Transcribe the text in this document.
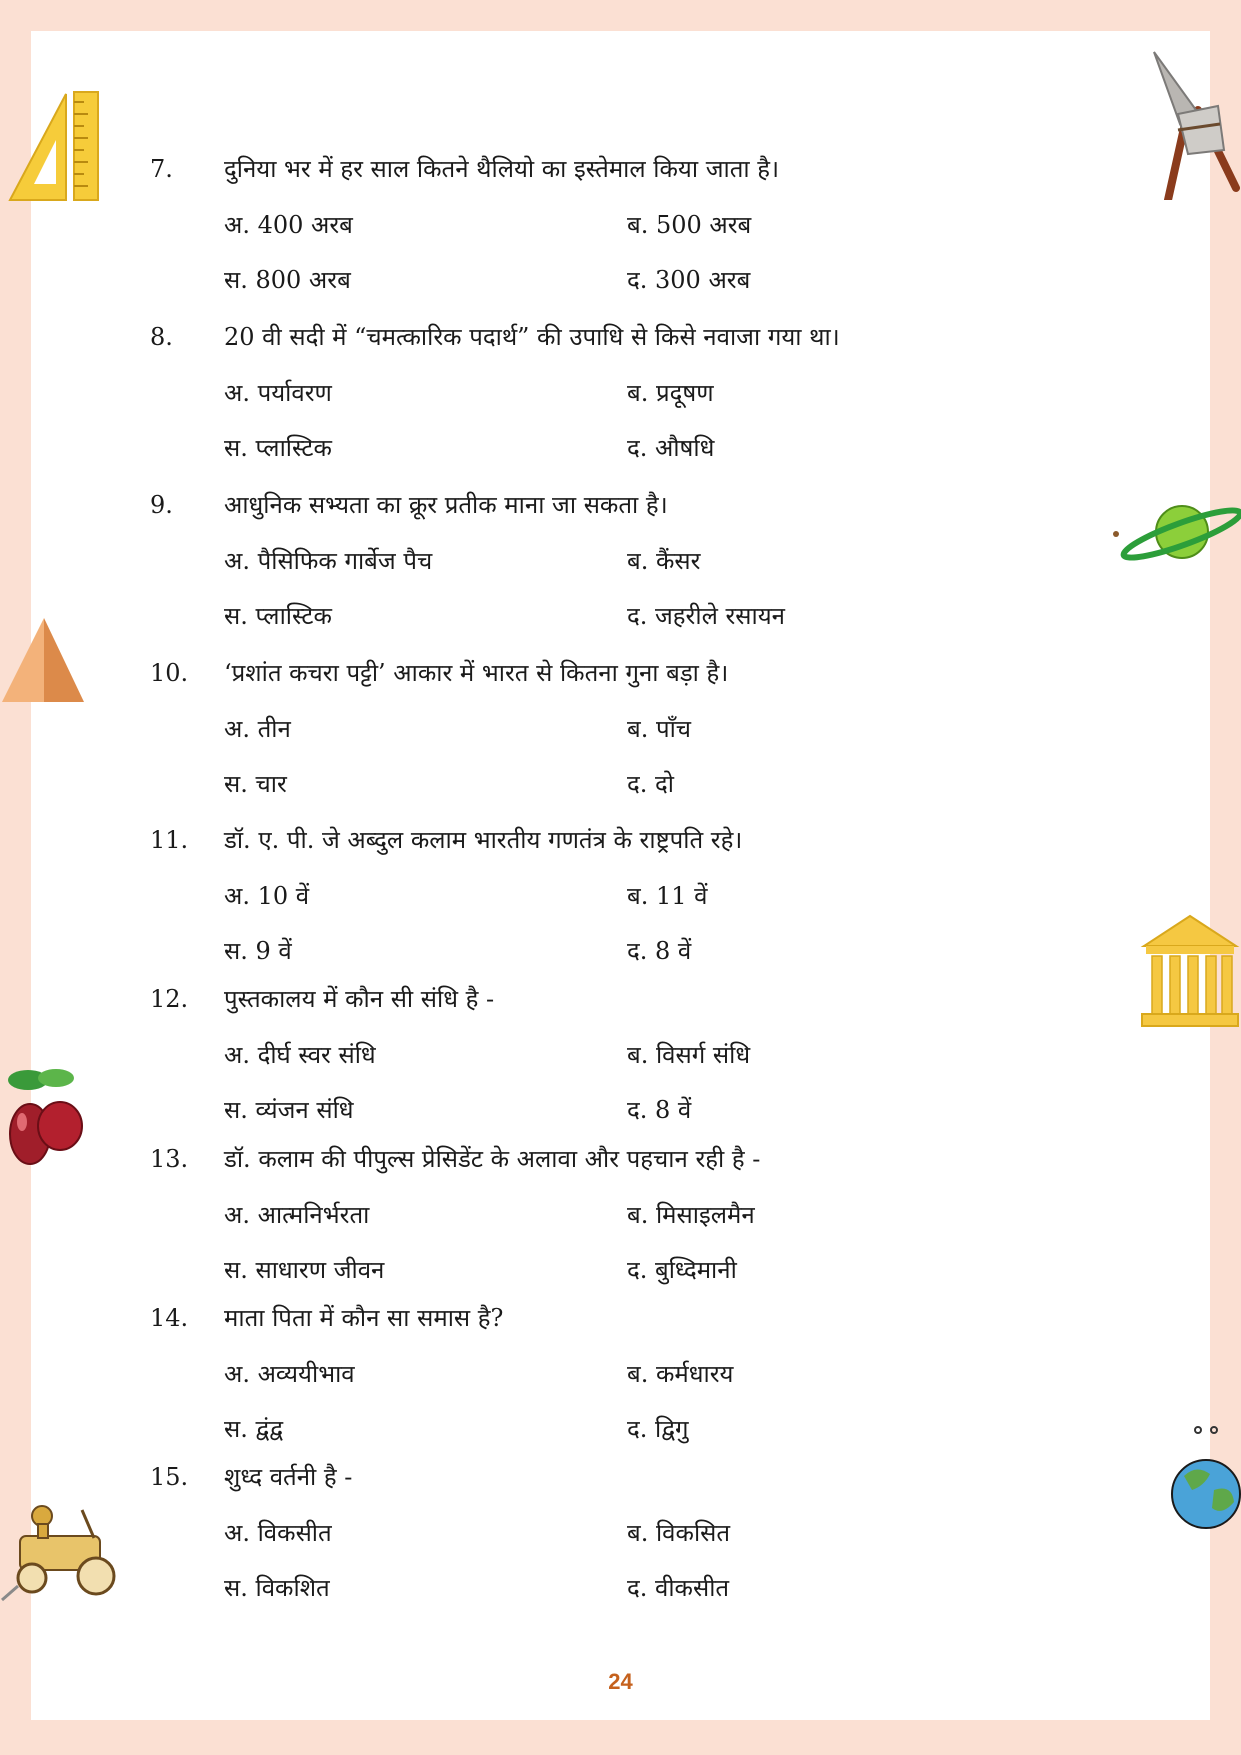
7. दुनिया भर में हर साल कितने थैलियो का इस्तेमाल किया जाता है।
अ. 400 अरब	ब. 500 अरब
स. 800 अरब	द. 300 अरब
8. 20 वी सदी में “चमत्कारिक पदार्थ” की उपाधि से किसे नवाजा गया था।
अ. पर्यावरण	ब. प्रदूषण
स. प्लास्टिक	द. औषधि
9. आधुनिक सभ्यता का क्रूर प्रतीक माना जा सकता है।
अ. पैसिफिक गार्बेज पैच	ब. कैंसर
स. प्लास्टिक	द. जहरीले रसायन
10. ‘प्रशांत कचरा पट्टी’ आकार में भारत से कितना गुना बड़ा है।
अ. तीन	ब. पाँच
स. चार	द. दो
11. डॉ. ए. पी. जे अब्दुल कलाम भारतीय गणतंत्र के राष्ट्रपति रहे।
अ. 10 वें	ब. 11 वें
स. 9 वें	द. 8 वें
12. पुस्तकालय में कौन सी संधि है -
अ. दीर्घ स्वर संधि	ब. विसर्ग संधि
स. व्यंजन संधि	द. 8 वें
13. डॉ. कलाम की पीपुल्स प्रेसिडेंट के अलावा और पहचान रही है -
अ. आत्मनिर्भरता	ब. मिसाइलमैन
स. साधारण जीवन	द. बुध्दिमानी
14. माता पिता में कौन सा समास है?
अ. अव्ययीभाव	ब. कर्मधारय
स. द्वंद्व	द. द्विगु
15. शुध्द वर्तनी है -
अ. विकसीत	ब. विकसित
स. विकशित	द. वीकसीत
24
